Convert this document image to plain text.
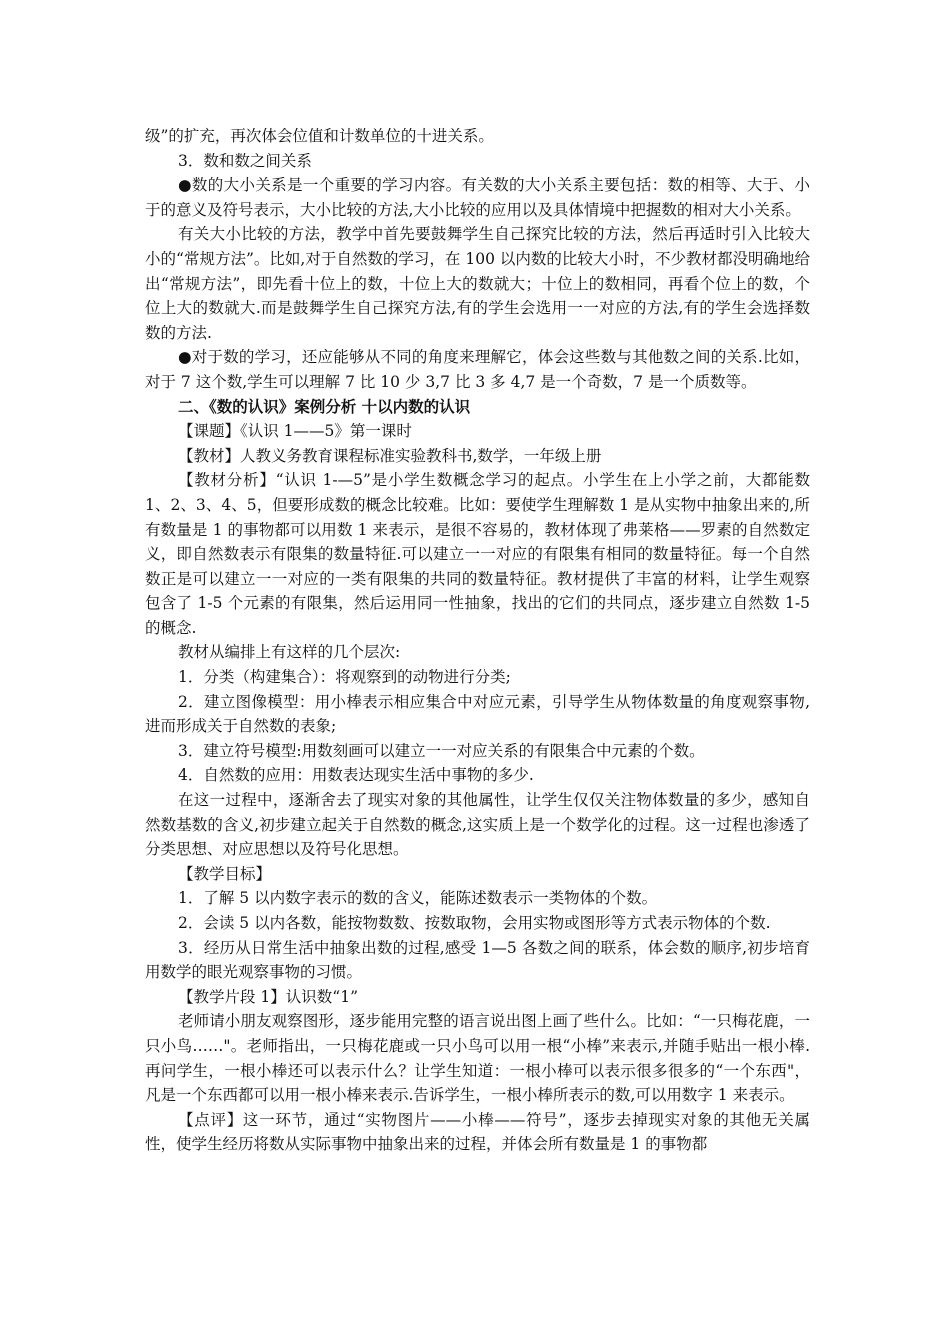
级”的扩充，再次体会位值和计数单位的十进关系。

3．数和数之间关系

●数的大小关系是一个重要的学习内容。有关数的大小关系主要包括：数的相等、大于、小于的意义及符号表示，大小比较的方法,大小比较的应用以及具体情境中把握数的相对大小关系。

有关大小比较的方法，教学中首先要鼓舞学生自己探究比较的方法，然后再适时引入比较大小的“常规方法”。比如,对于自然数的学习，在 100 以内数的比较大小时，不少教材都没明确地给出“常规方法”，即先看十位上的数，十位上大的数就大；十位上的数相同，再看个位上的数，个位上大的数就大.而是鼓舞学生自己探究方法,有的学生会选用一一对应的方法,有的学生会选择数数的方法.

●对于数的学习，还应能够从不同的角度来理解它，体会这些数与其他数之间的关系.比如，对于 7 这个数,学生可以理解 7 比 10 少 3,7 比 3 多 4,7 是一个奇数，7 是一个质数等。

二、《数的认识》案例分析 十以内数的认识

【课题】《认识 1——5》第一课时

【教材】人教义务教育课程标准实验教科书,数学，一年级上册

【教材分析】“认识 1-—5”是小学生数概念学习的起点。小学生在上小学之前，大都能数 1、2、3、4、5，但要形成数的概念比较难。比如：要使学生理解数 1 是从实物中抽象出来的,所有数量是 1 的事物都可以用数 1 来表示，是很不容易的，教材体现了弗莱格——罗素的自然数定义，即自然数表示有限集的数量特征.可以建立一一对应的有限集有相同的数量特征。每一个自然数正是可以建立一一对应的一类有限集的共同的数量特征。教材提供了丰富的材料，让学生观察包含了 1-5 个元素的有限集，然后运用同一性抽象，找出的它们的共同点，逐步建立自然数 1-5 的概念.

教材从编排上有这样的几个层次:

1．分类（构建集合）：将观察到的动物进行分类;

2．建立图像模型：用小棒表示相应集合中对应元素，引导学生从物体数量的角度观察事物,进而形成关于自然数的表象;

3．建立符号模型:用数刻画可以建立一一对应关系的有限集合中元素的个数。

4．自然数的应用：用数表达现实生活中事物的多少.

在这一过程中，逐渐舍去了现实对象的其他属性，让学生仅仅关注物体数量的多少，感知自然数基数的含义,初步建立起关于自然数的概念,这实质上是一个数学化的过程。这一过程也渗透了分类思想、对应思想以及符号化思想。

【教学目标】

1．了解 5 以内数字表示的数的含义，能陈述数表示一类物体的个数。

2．会读 5 以内各数，能按物数数、按数取物，会用实物或图形等方式表示物体的个数.

3．经历从日常生活中抽象出数的过程,感受 1—5 各数之间的联系，体会数的顺序,初步培育用数学的眼光观察事物的习惯。

【教学片段 1】认识数“1”

老师请小朋友观察图形，逐步能用完整的语言说出图上画了些什么。比如：“一只梅花鹿，一只小鸟……"。老师指出，一只梅花鹿或一只小鸟可以用一根“小棒”来表示,并随手贴出一根小棒.再问学生，一根小棒还可以表示什么？让学生知道：一根小棒可以表示很多很多的“一个东西"，凡是一个东西都可以用一根小棒来表示.告诉学生，一根小棒所表示的数,可以用数字 1 来表示。

【点评】这一环节，通过“实物图片——小棒——符号”，逐步去掉现实对象的其他无关属性，使学生经历将数从实际事物中抽象出来的过程，并体会所有数量是 1 的事物都
